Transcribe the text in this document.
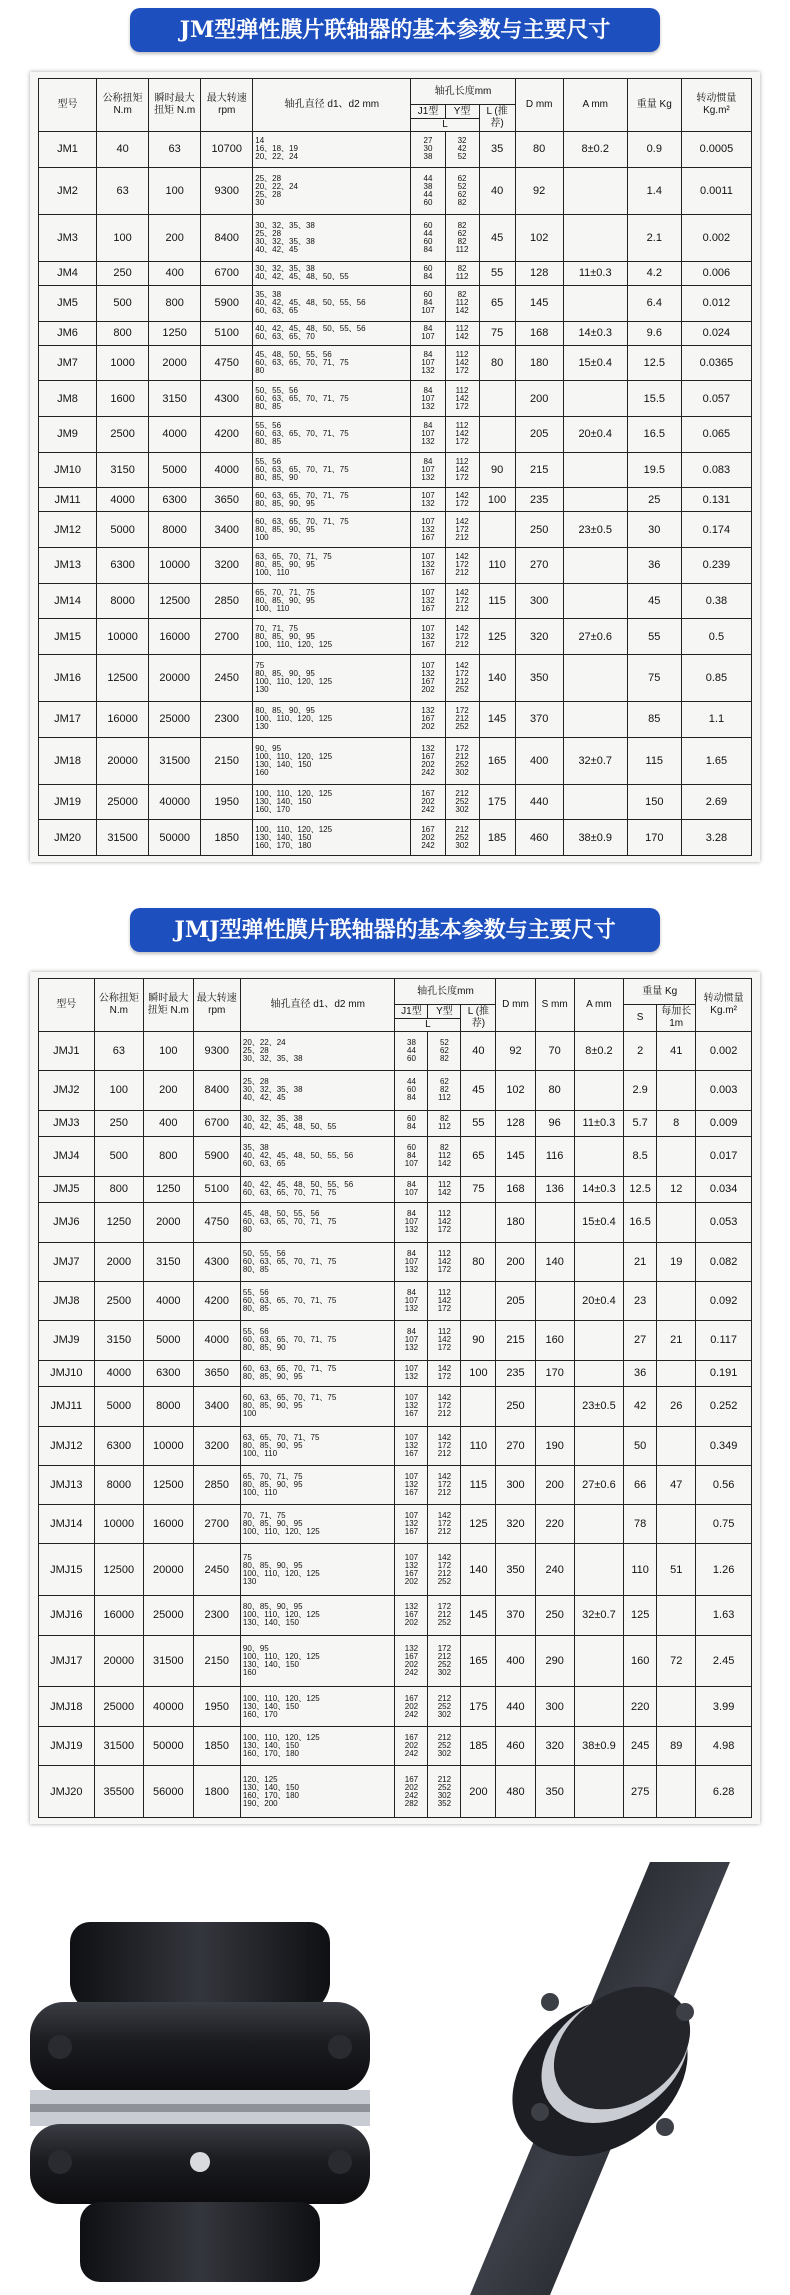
JM型弹性膜片联轴器的基本参数与主要尺寸
型号	公称扭矩 N.m	瞬时最大扭矩 N.m	最大转速 rpm	轴孔直径 d1、d2 mm	轴孔长度mm			D mm	A mm	重量 Kg	转动惯量 Kg.m²
					J1型	Y型	L (推荐)				
					L						
JM1	40	63	10700	14
16、18、19
20、22、24	27
30
38	32
42
52	35	80	8±0.2	0.9	0.0005
JM2	63	100	9300	25、28
20、22、24
25、28
30	44
38
44
60	62
52
62
82	40	92		1.4	0.0011
JM3	100	200	8400	30、32、35、38
25、28
30、32、35、38
40、42、45	60
44
60
84	82
62
82
112	45	102		2.1	0.002
JM4	250	400	6700	30、32、35、38
40、42、45、48、50、55	60
84	82
112	55	128	11±0.3	4.2	0.006
JM5	500	800	5900	35、38
40、42、45、48、50、55、56
60、63、65	60
84
107	82
112
142	65	145		6.4	0.012
JM6	800	1250	5100	40、42、45、48、50、55、56
60、63、65、70	84
107	112
142	75	168	14±0.3	9.6	0.024
JM7	1000	2000	4750	45、48、50、55、56
60、63、65、70、71、75
80	84
107
132	112
142
172	80	180	15±0.4	12.5	0.0365
JM8	1600	3150	4300	50、55、56
60、63、65、70、71、75
80、85	84
107
132	112
142
172		200		15.5	0.057
JM9	2500	4000	4200	55、56
60、63、65、70、71、75
80、85	84
107
132	112
142
172		205	20±0.4	16.5	0.065
JM10	3150	5000	4000	55、56
60、63、65、70、71、75
80、85、90	84
107
132	112
142
172	90	215		19.5	0.083
JM11	4000	6300	3650	60、63、65、70、71、75
80、85、90、95	107
132	142
172	100	235		25	0.131
JM12	5000	8000	3400	60、63、65、70、71、75
80、85、90、95
100	107
132
167	142
172
212		250	23±0.5	30	0.174
JM13	6300	10000	3200	63、65、70、71、75
80、85、90、95
100、110	107
132
167	142
172
212	110	270		36	0.239
JM14	8000	12500	2850	65、70、71、75
80、85、90、95
100、110	107
132
167	142
172
212	115	300		45	0.38
JM15	10000	16000	2700	70、71、75
80、85、90、95
100、110、120、125	107
132
167	142
172
212	125	320	27±0.6	55	0.5
JM16	12500	20000	2450	75
80、85、90、95
100、110、120、125
130	107
132
167
202	142
172
212
252	140	350		75	0.85
JM17	16000	25000	2300	80、85、90、95
100、110、120、125
130	132
167
202	172
212
252	145	370		85	1.1
JM18	20000	31500	2150	90、95
100、110、120、125
130、140、150
160	132
167
202
242	172
212
252
302	165	400	32±0.7	115	1.65
JM19	25000	40000	1950	100、110、120、125
130、140、150
160、170	167
202
242	212
252
302	175	440		150	2.69
JM20	31500	50000	1850	100、110、120、125
130、140、150
160、170、180	167
202
242	212
252
302	185	460	38±0.9	170	3.28
JMJ型弹性膜片联轴器的基本参数与主要尺寸
型号	公称扭矩 N.m	瞬时最大扭矩 N.m	最大转速 rpm	轴孔直径 d1、d2 mm	轴孔长度mm			D mm	S mm	A mm	重量 Kg		转动惯量 Kg.m²
					J1型	Y型	L (推荐)				S	每加长1m	
					L								
JMJ1	63	100	9300	20、22、24
25、28
30、32、35、38	38
44
60	52
62
82	40	92	70	8±0.2	2	41	0.002
JMJ2	100	200	8400	25、28
30、32、35、38
40、42、45	44
60
84	62
82
112	45	102	80		2.9		0.003
JMJ3	250	400	6700	30、32、35、38
40、42、45、48、50、55	60
84	82
112	55	128	96	11±0.3	5.7	8	0.009
JMJ4	500	800	5900	35、38
40、42、45、48、50、55、56
60、63、65	60
84
107	82
112
142	65	145	116		8.5		0.017
JMJ5	800	1250	5100	40、42、45、48、50、55、56
60、63、65、70、71、75	84
107	112
142	75	168	136	14±0.3	12.5	12	0.034
JMJ6	1250	2000	4750	45、48、50、55、56
60、63、65、70、71、75
80	84
107
132	112
142
172		180		15±0.4	16.5		0.053
JMJ7	2000	3150	4300	50、55、56
60、63、65、70、71、75
80、85	84
107
132	112
142
172	80	200	140		21	19	0.082
JMJ8	2500	4000	4200	55、56
60、63、65、70、71、75
80、85	84
107
132	112
142
172		205		20±0.4	23		0.092
JMJ9	3150	5000	4000	55、56
60、63、65、70、71、75
80、85、90	84
107
132	112
142
172	90	215	160		27	21	0.117
JMJ10	4000	6300	3650	60、63、65、70、71、75
80、85、90、95	107
132	142
172	100	235	170		36		0.191
JMJ11	5000	8000	3400	60、63、65、70、71、75
80、85、90、95
100	107
132
167	142
172
212		250		23±0.5	42	26	0.252
JMJ12	6300	10000	3200	63、65、70、71、75
80、85、90、95
100、110	107
132
167	142
172
212	110	270	190		50		0.349
JMJ13	8000	12500	2850	65、70、71、75
80、85、90、95
100、110	107
132
167	142
172
212	115	300	200	27±0.6	66	47	0.56
JMJ14	10000	16000	2700	70、71、75
80、85、90、95
100、110、120、125	107
132
167	142
172
212	125	320	220		78		0.75
JMJ15	12500	20000	2450	75
80、85、90、95
100、110、120、125
130	107
132
167
202	142
172
212
252	140	350	240		110	51	1.26
JMJ16	16000	25000	2300	80、85、90、95
100、110、120、125
130、140、150	132
167
202	172
212
252	145	370	250	32±0.7	125		1.63
JMJ17	20000	31500	2150	90、95
100、110、120、125
130、140、150
160	132
167
202
242	172
212
252
302	165	400	290		160	72	2.45
JMJ18	25000	40000	1950	100、110、120、125
130、140、150
160、170	167
202
242	212
252
302	175	440	300		220		3.99
JMJ19	31500	50000	1850	100、110、120、125
130、140、150
160、170、180	167
202
242	212
252
302	185	460	320	38±0.9	245	89	4.98
JMJ20	35500	56000	1800	120、125
130、140、150
160、170、180
190、200	167
202
242
282	212
252
302
352	200	480	350		275		6.28
